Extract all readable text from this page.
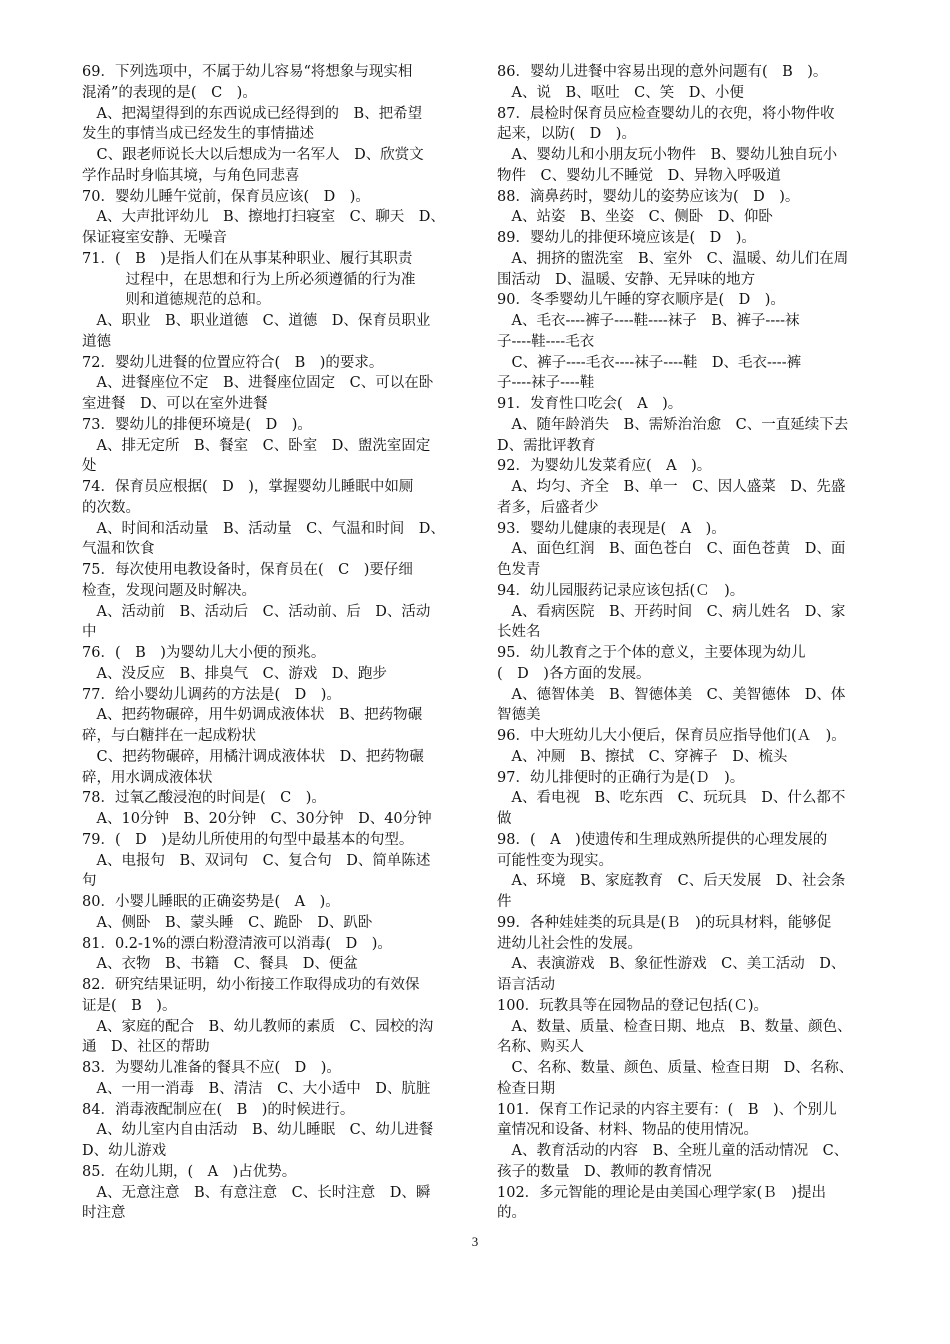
69．下列选项中，不属于幼儿容易“将想象与现实相
混淆”的表现的是(　C　)。
　A、把渴望得到的东西说成已经得到的　B、把希望
发生的事情当成已经发生的事情描述
　C、跟老师说长大以后想成为一名军人　D、欣赏文
学作品时身临其境，与角色同悲喜
70．婴幼儿睡午觉前，保育员应该(　D　)。
　A、大声批评幼儿　B、擦地打扫寝室　C、聊天　D、
保证寝室安静、无噪音
71．(　B　)是指人们在从事某种职业、履行其职责
　　　过程中，在思想和行为上所必须遵循的行为准
　　　则和道德规范的总和。
　A、职业　B、职业道德　C、道德　D、保育员职业
道德
72．婴幼儿进餐的位置应符合(　B　)的要求。
　A、进餐座位不定　B、进餐座位固定　C、可以在卧
室进餐　D、可以在室外进餐
73．婴幼儿的排便环境是(　D　)。
　A、排无定所　B、餐室　C、卧室　D、盥洗室固定
处
74．保育员应根据(　D　)，掌握婴幼儿睡眠中如厕
的次数。
　A、时间和活动量　B、活动量　C、气温和时间　D、
气温和饮食
75．每次使用电教设备时，保育员在(　C　)要仔细
检查，发现问题及时解决。
　A、活动前　B、活动后　C、活动前、后　D、活动
中
76．(　B　)为婴幼儿大小便的预兆。
　A、没反应　B、排臭气　C、游戏　D、跑步
77．给小婴幼儿调药的方法是(　D　)。
　A、把药物碾碎，用牛奶调成液体状　B、把药物碾
碎，与白糖拌在一起成粉状
　C、把药物碾碎，用橘汁调成液体状　D、把药物碾
碎，用水调成液体状
78．过氧乙酸浸泡的时间是(　C　)。
　A、10分钟　B、20分钟　C、30分钟　D、40分钟
79．(　D　)是幼儿所使用的句型中最基本的句型。
　A、电报句　B、双词句　C、复合句　D、简单陈述
句
80．小婴儿睡眠的正确姿势是(　A　)。
　A、侧卧　B、蒙头睡　C、跪卧　D、趴卧
81．0.2-1%的漂白粉澄清液可以消毒(　D　)。
　A、衣物　B、书籍　C、餐具　D、便盆
82．研究结果证明，幼小衔接工作取得成功的有效保
证是(　B　)。
　A、家庭的配合　B、幼儿教师的素质　C、园校的沟
通　D、社区的帮助
83．为婴幼儿准备的餐具不应(　D　)。
　A、一用一消毒　B、清洁　C、大小适中　D、肮脏
84．消毒液配制应在(　B　)的时候进行。
　A、幼儿室内自由活动　B、幼儿睡眠　C、幼儿进餐
D、幼儿游戏
85．在幼儿期，(　A　)占优势。
　A、无意注意　B、有意注意　C、长时注意　D、瞬
时注意
86．婴幼儿进餐中容易出现的意外问题有(　B　)。
　A、说　B、呕吐　C、笑　D、小便
87．晨检时保育员应检查婴幼儿的衣兜，将小物件收
起来，以防(　D　)。
　A、婴幼儿和小朋友玩小物件　B、婴幼儿独自玩小
物件　C、婴幼儿不睡觉　D、异物入呼吸道
88．滴鼻药时，婴幼儿的姿势应该为(　D　)。
　A、站姿　B、坐姿　C、侧卧　D、仰卧
89．婴幼儿的排便环境应该是(　D　)。
　A、拥挤的盥洗室　B、室外　C、温暖、幼儿们在周
围活动　D、温暖、安静、无异味的地方
90．冬季婴幼儿午睡的穿衣顺序是(　D　)。
　A、毛衣----裤子----鞋----袜子　B、裤子----袜
子----鞋----毛衣
　C、裤子----毛衣----袜子----鞋　D、毛衣----裤
子----袜子----鞋
91．发育性口吃会(　A　)。
　A、随年龄消失　B、需矫治治愈　C、一直延续下去
D、需批评教育
92．为婴幼儿发菜肴应(　A　)。
　A、均匀、齐全　B、单一　C、因人盛菜　D、先盛
者多，后盛者少
93．婴幼儿健康的表现是(　A　)。
　A、面色红润　B、面色苍白　C、面色苍黄　D、面
色发青
94．幼儿园服药记录应该包括(Ｃ　)。
　A、看病医院　B、开药时间　C、病儿姓名　D、家
长姓名
95．幼儿教育之于个体的意义，主要体现为幼儿
(　D　)各方面的发展。
　A、德智体美　B、智德体美　C、美智德体　D、体
智德美
96．中大班幼儿大小便后，保育员应指导他们(Ａ　)。
　A、冲厕　B、擦拭　C、穿裤子　D、梳头
97．幼儿排便时的正确行为是(Ｄ　)。
　A、看电视　B、吃东西　C、玩玩具　D、什么都不
做
98．(　A　)使遗传和生理成熟所提供的心理发展的
可能性变为现实。
　A、环境　B、家庭教育　C、后天发展　D、社会条
件
99．各种娃娃类的玩具是(Ｂ　)的玩具材料，能够促
进幼儿社会性的发展。
　A、表演游戏　B、象征性游戏　C、美工活动　D、
语言活动
100．玩教具等在园物品的登记包括(Ｃ)。
　A、数量、质量、检查日期、地点　B、数量、颜色、
名称、购买人
　C、名称、数量、颜色、质量、检查日期　D、名称、
检查日期
101．保育工作记录的内容主要有：(　B　)、个别儿
童情况和设备、材料、物品的使用情况。
　A、教育活动的内容　B、全班儿童的活动情况　C、
孩子的数量　D、教师的教育情况
102．多元智能的理论是由美国心理学家(Ｂ　)提出
的。
3
